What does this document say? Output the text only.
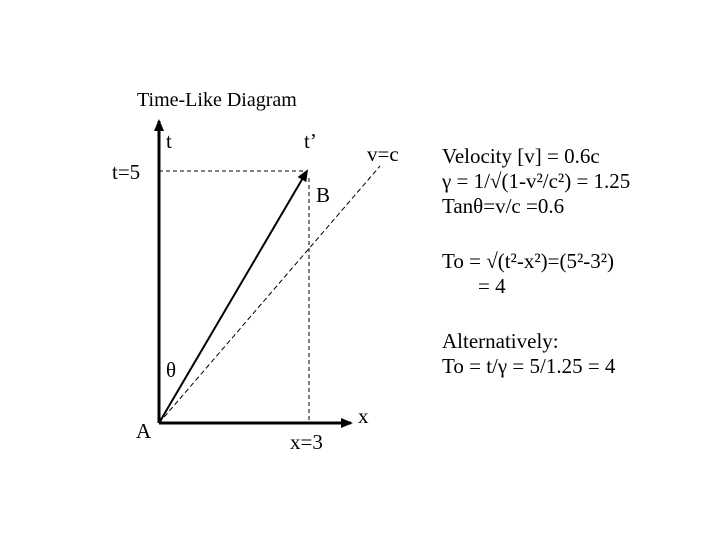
Time-Like Diagram
t	t’
v=c
t=5
B
θ
x
A	x=3
Velocity [v] = 0.6c
γ = 1/√(1-v²/c²) = 1.25
Tanθ=v/c =0.6
To = √(t²-x²)=(5²-3²)
= 4
Alternatively:
To = t/γ = 5/1.25 = 4
